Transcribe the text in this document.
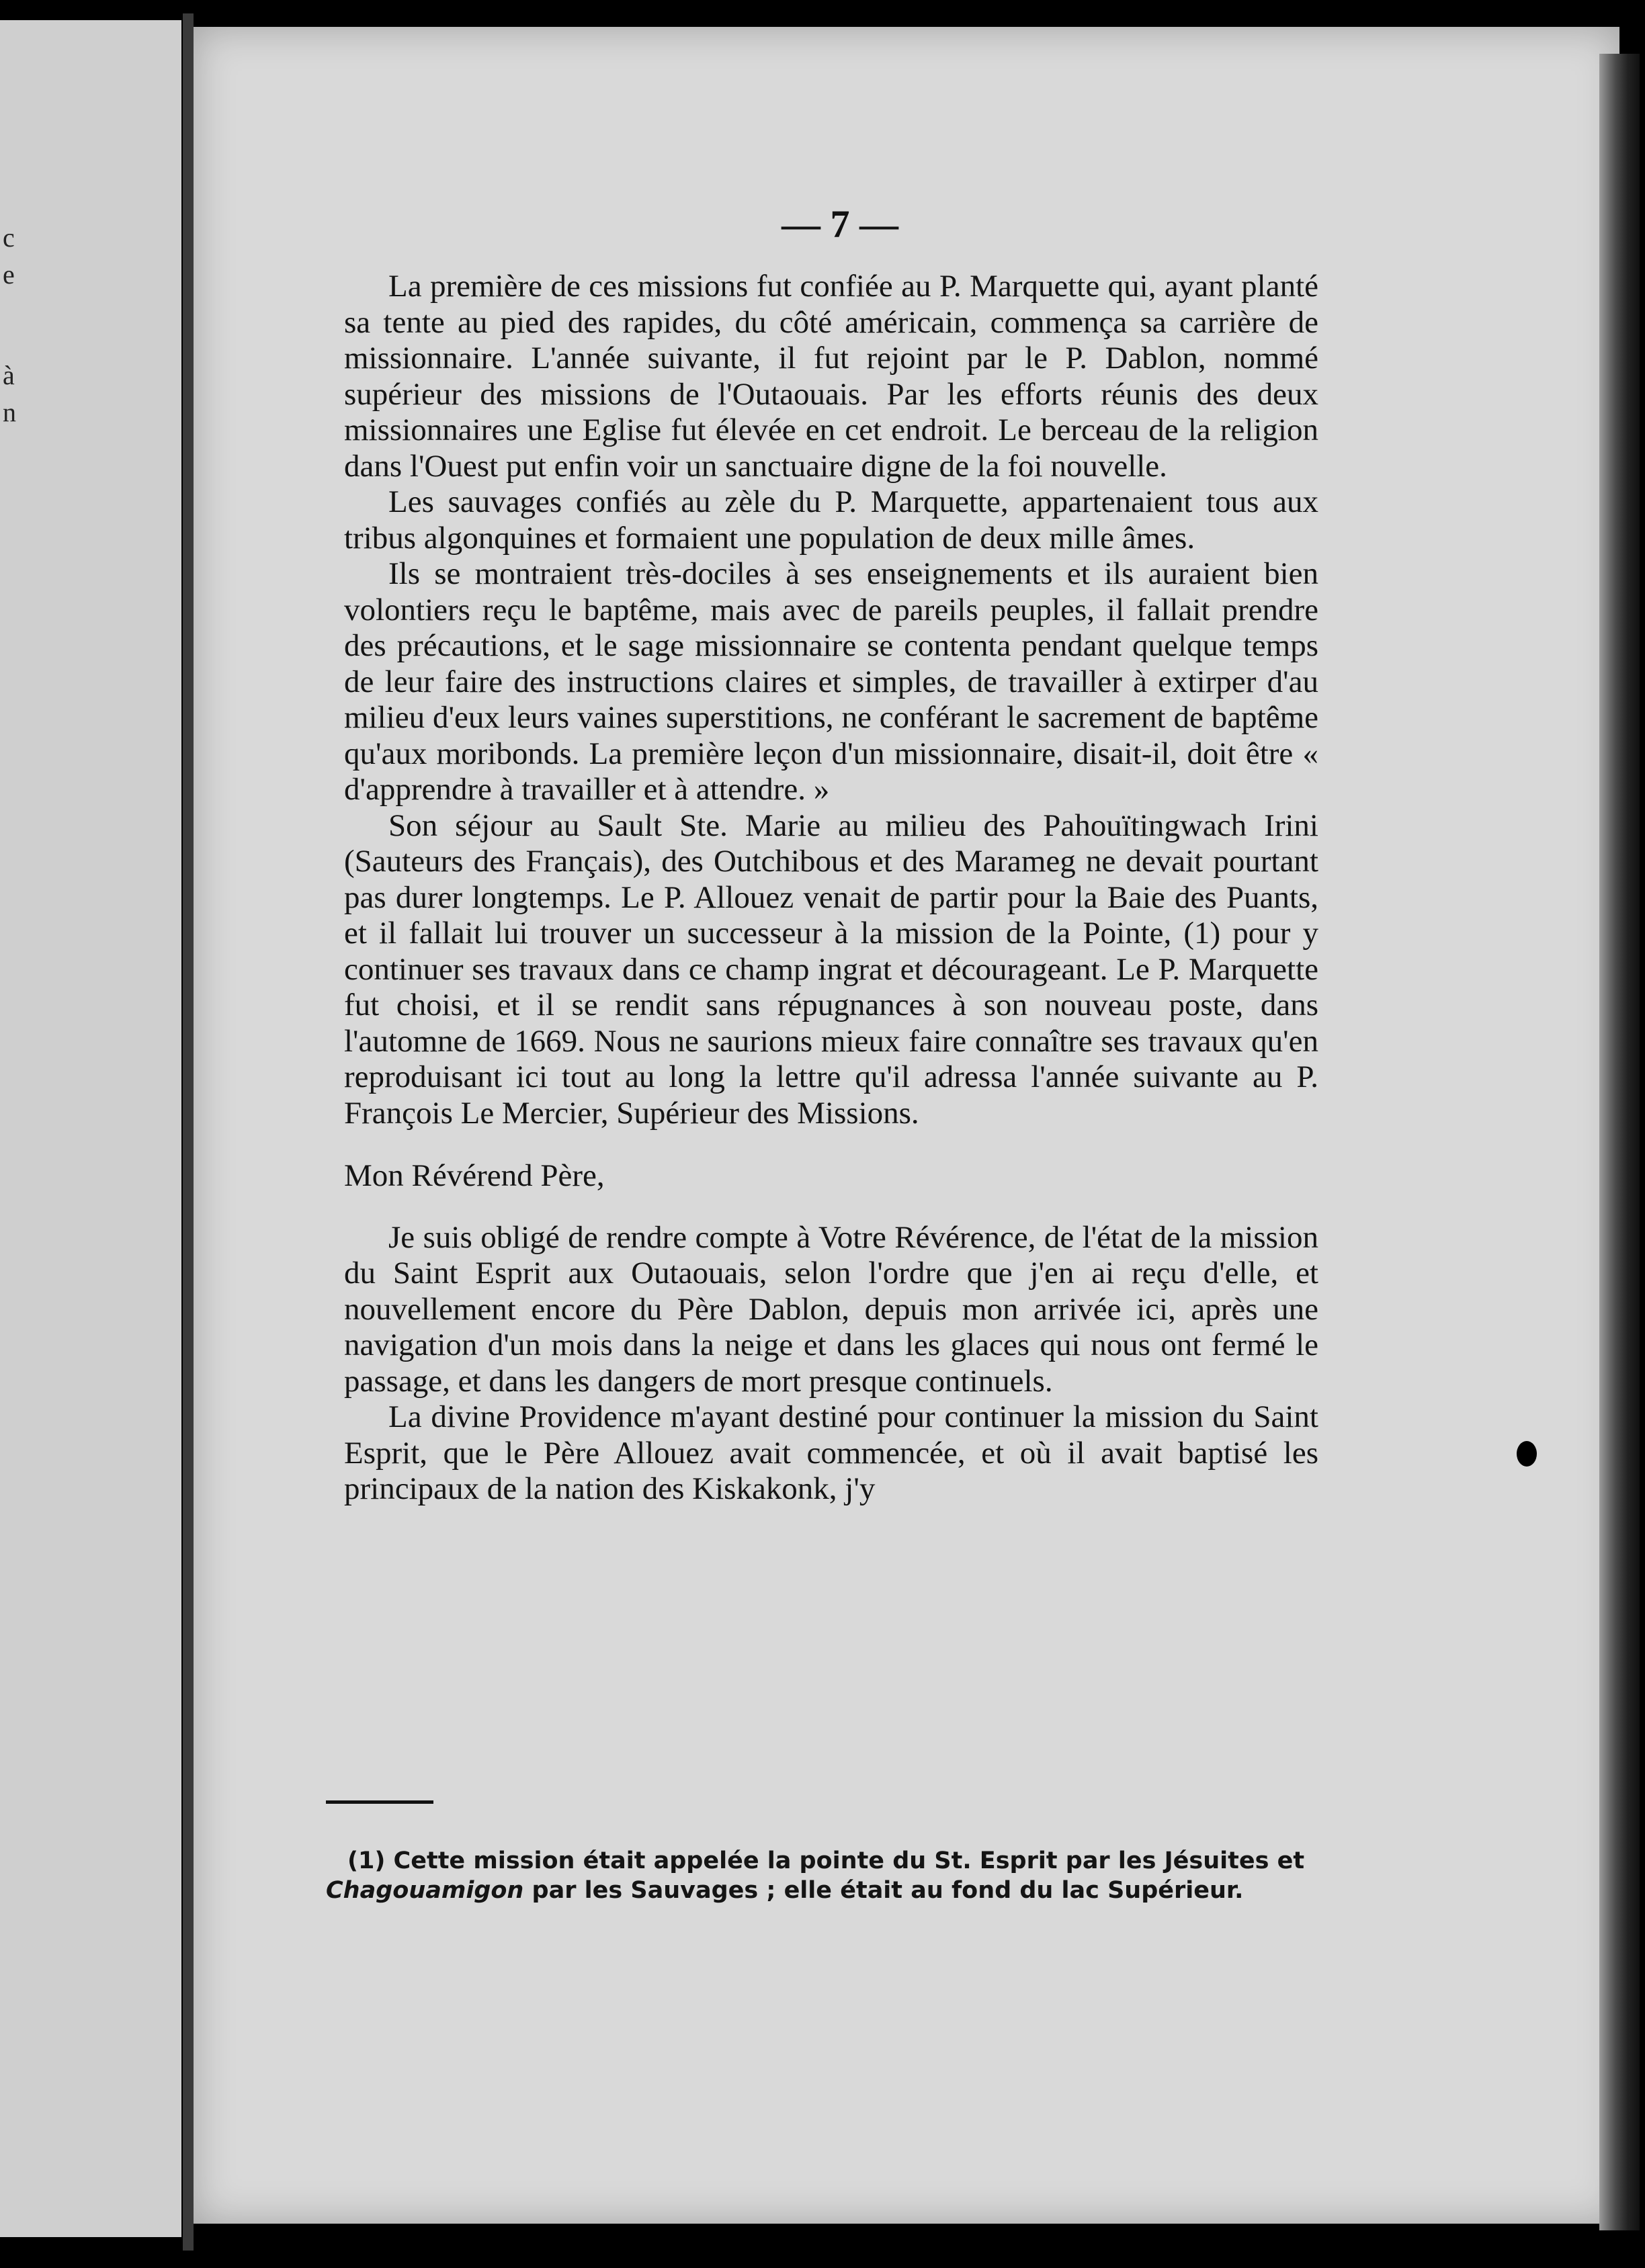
c
e
à
n
— 7 —

La première de ces missions fut confiée au P. Marquette qui, ayant planté sa tente au pied des rapides, du côté américain, commença sa carrière de missionnaire. L'année suivante, il fut rejoint par le P. Dablon, nommé supérieur des missions de l'Outaouais. Par les efforts réunis des deux missionnaires une Eglise fut élevée en cet endroit. Le berceau de la religion dans l'Ouest put enfin voir un sanctuaire digne de la foi nouvelle.

Les sauvages confiés au zèle du P. Marquette, appartenaient tous aux tribus algonquines et formaient une population de deux mille âmes.

Ils se montraient très-dociles à ses enseignements et ils auraient bien volontiers reçu le baptême, mais avec de pareils peuples, il fallait prendre des précautions, et le sage missionnaire se contenta pendant quelque temps de leur faire des instructions claires et simples, de travailler à extirper d'au milieu d'eux leurs vaines superstitions, ne conférant le sacrement de baptême qu'aux moribonds. La première leçon d'un missionnaire, disait-il, doit être « d'apprendre à travailler et à attendre. »

Son séjour au Sault Ste. Marie au milieu des Pahouïtingwach Irini (Sauteurs des Français), des Outchibous et des Marameg ne devait pourtant pas durer longtemps. Le P. Allouez venait de partir pour la Baie des Puants, et il fallait lui trouver un successeur à la mission de la Pointe, (1) pour y continuer ses travaux dans ce champ ingrat et décourageant. Le P. Marquette fut choisi, et il se rendit sans répugnances à son nouveau poste, dans l'automne de 1669. Nous ne saurions mieux faire connaître ses travaux qu'en reproduisant ici tout au long la lettre qu'il adressa l'année suivante au P. François Le Mercier, Supérieur des Missions.

Mon Révérend Père,

Je suis obligé de rendre compte à Votre Révérence, de l'état de la mission du Saint Esprit aux Outaouais, selon l'ordre que j'en ai reçu d'elle, et nouvellement encore du Père Dablon, depuis mon arrivée ici, après une navigation d'un mois dans la neige et dans les glaces qui nous ont fermé le passage, et dans les dangers de mort presque continuels.

La divine Providence m'ayant destiné pour continuer la mission du Saint Esprit, que le Père Allouez avait commencée, et où il avait baptisé les principaux de la nation des Kiskakonk, j'y

(1) Cette mission était appelée la pointe du St. Esprit par les Jésuites et Chagouamigon par les Sauvages ; elle était au fond du lac Supérieur.
